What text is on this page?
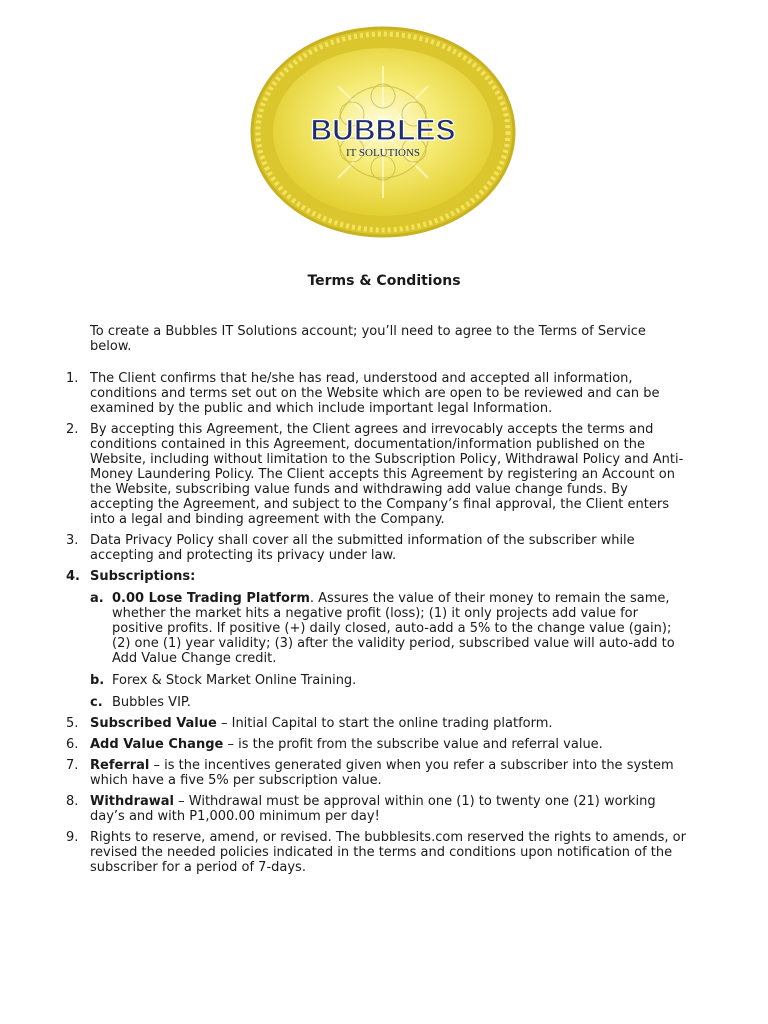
BUBBLES
IT SOLUTIONS
Terms & Conditions
To create a Bubbles IT Solutions account; you’ll need to agree to the Terms of Service below.
1. The Client confirms that he/she has read, understood and accepted all information, conditions and terms set out on the Website which are open to be reviewed and can be examined by the public and which include important legal Information.
2. By accepting this Agreement, the Client agrees and irrevocably accepts the terms and conditions contained in this Agreement, documentation/information published on the Website, including without limitation to the Subscription Policy, Withdrawal Policy and Anti-Money Laundering Policy. The Client accepts this Agreement by registering an Account on the Website, subscribing value funds and withdrawing add value change funds. By accepting the Agreement, and subject to the Company’s final approval, the Client enters into a legal and binding agreement with the Company.
3. Data Privacy Policy shall cover all the submitted information of the subscriber while accepting and protecting its privacy under law.
4. Subscriptions:
a. 0.00 Lose Trading Platform. Assures the value of their money to remain the same, whether the market hits a negative profit (loss); (1) it only projects add value for positive profits. If positive (+) daily closed, auto-add a 5% to the change value (gain); (2) one (1) year validity; (3) after the validity period, subscribed value will auto-add to Add Value Change credit.
b. Forex & Stock Market Online Training.
c. Bubbles VIP.
5. Subscribed Value – Initial Capital to start the online trading platform.
6. Add Value Change – is the profit from the subscribe value and referral value.
7. Referral – is the incentives generated given when you refer a subscriber into the system which have a five 5% per subscription value.
8. Withdrawal – Withdrawal must be approval within one (1) to twenty one (21) working day’s and with P1,000.00 minimum per day!
9. Rights to reserve, amend, or revised. The bubblesits.com reserved the rights to amends, or revised the needed policies indicated in the terms and conditions upon notification of the subscriber for a period of 7-days.
